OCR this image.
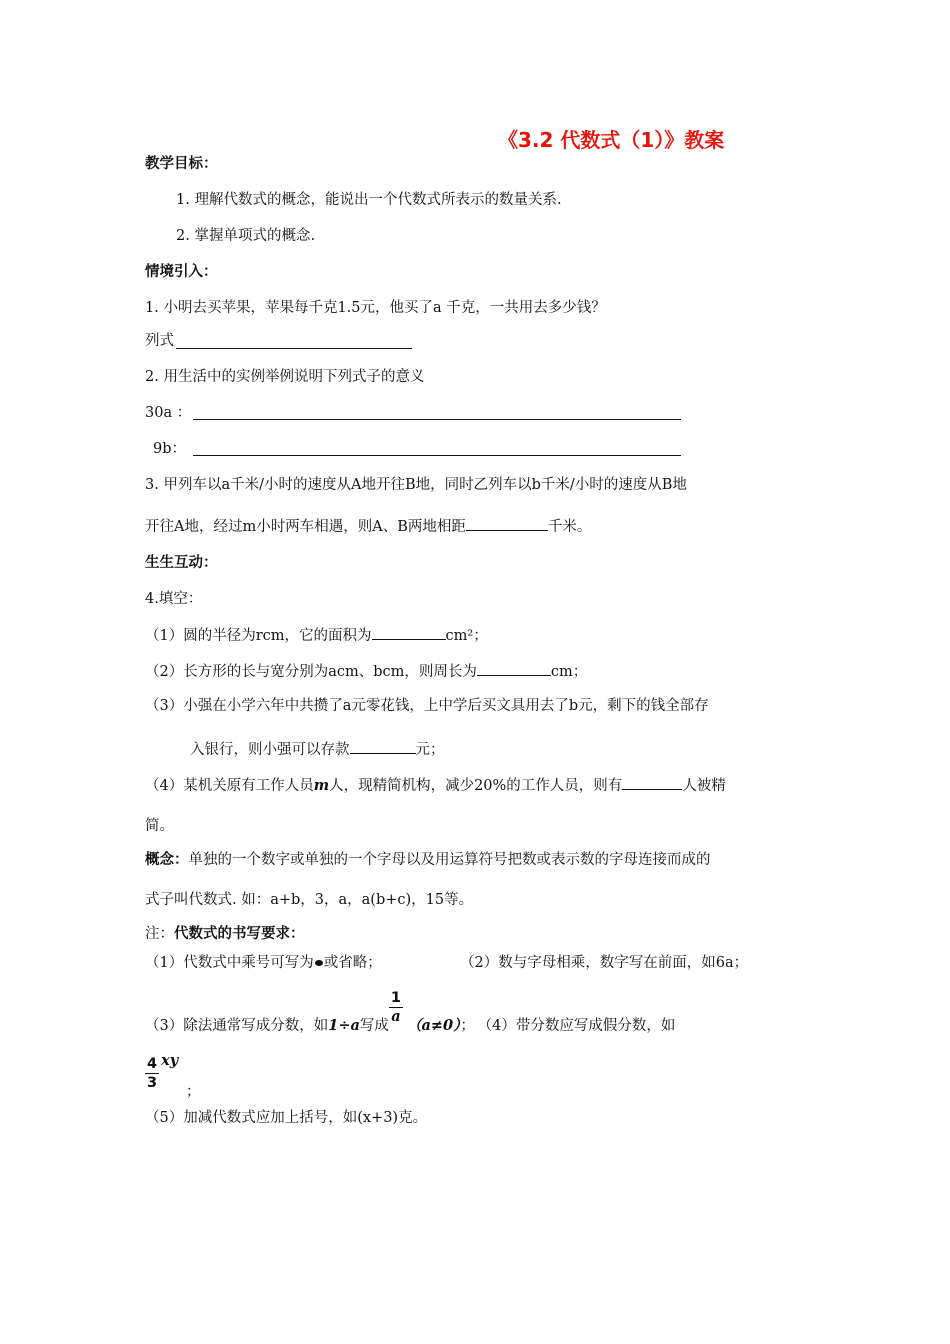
《3.2 代数式（1）》教案
教学目标：
1. 理解代数式的概念，能说出一个代数式所表示的数量关系.
2. 掌握单项式的概念.
情境引入：
1. 小明去买苹果，苹果每千克1.5元，他买了a 千克，一共用去多少钱？
列式
2. 用生活中的实例举例说明下列式子的意义
30a ：
9b：
3. 甲列车以a千米/小时的速度从A地开往B地，同时乙列车以b千米/小时的速度从B地
开往A地，经过m小时两车相遇，则A、B两地相距	千米。
生生互动：
4.填空：
（1）圆的半径为rcm，它的面积为	cm²；
（2）长方形的长与宽分别为acm、bcm，则周长为	cm；
（3）小强在小学六年中共攒了a元零花钱，上中学后买文具用去了b元，剩下的钱全部存
入银行，则小强可以存款	元；
（4）某机关原有工作人员m人，现精简机构，减少20%的工作人员，则有	人被精
简。
概念：单独的一个数字或单独的一个字母以及用运算符号把数或表示数的字母连接而成的
式子叫代数式. 如：a+b，3，a，a(b+c)，15等。
注：代数式的书写要求：
（1）代数式中乘号可写为 或省略；	（2）数与字母相乘，数字写在前面，如6a；
（3）除法通常写成分数，如1÷a写成
$\frac{1}{a} (a\ne 0)$； （4）带分数应写成假分数，如
$\frac{4}{3}$ xy
；
（5）加减代数式应加上括号，如(x+3)克。
